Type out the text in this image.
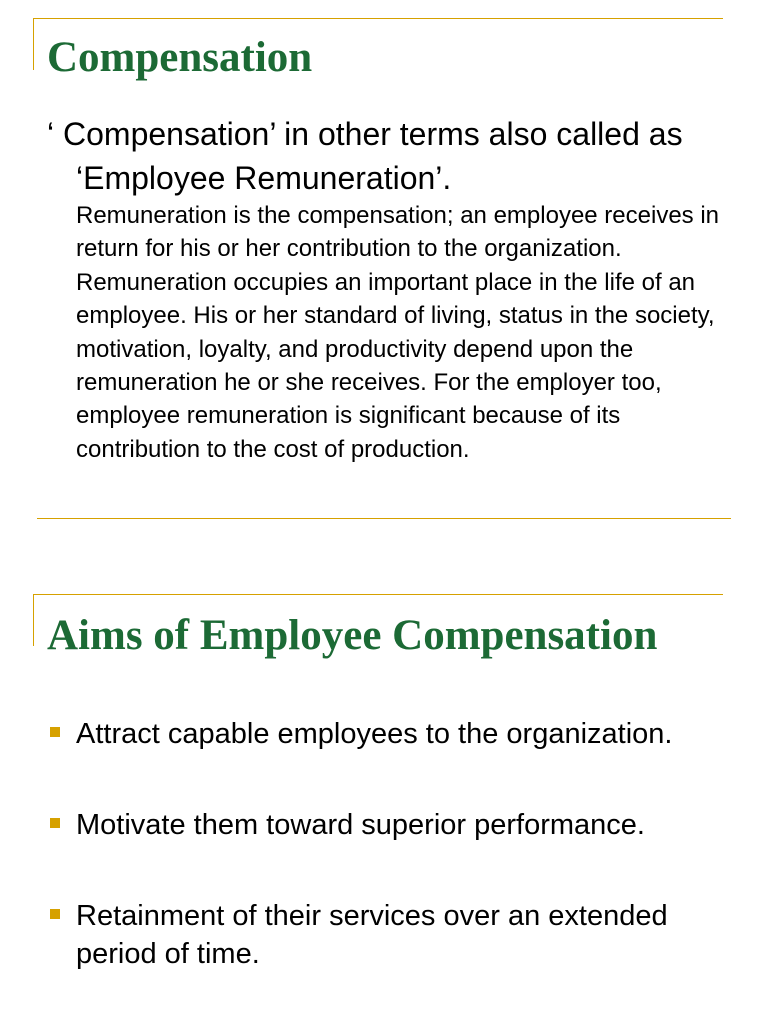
Compensation

‘ Compensation’ in other terms also called as ‘Employee Remuneration’.

Remuneration is the compensation; an employee receives in return for his or her contribution to the organization. Remuneration occupies an important place in the life of an employee. His or her standard of living, status in the society, motivation, loyalty, and productivity depend upon the remuneration he or she receives. For the employer too, employee remuneration is significant because of its contribution to the cost of production.

Aims of Employee Compensation
Attract capable employees to the organization.
Motivate them toward superior performance.
Retainment of their services over an extended period of time.
